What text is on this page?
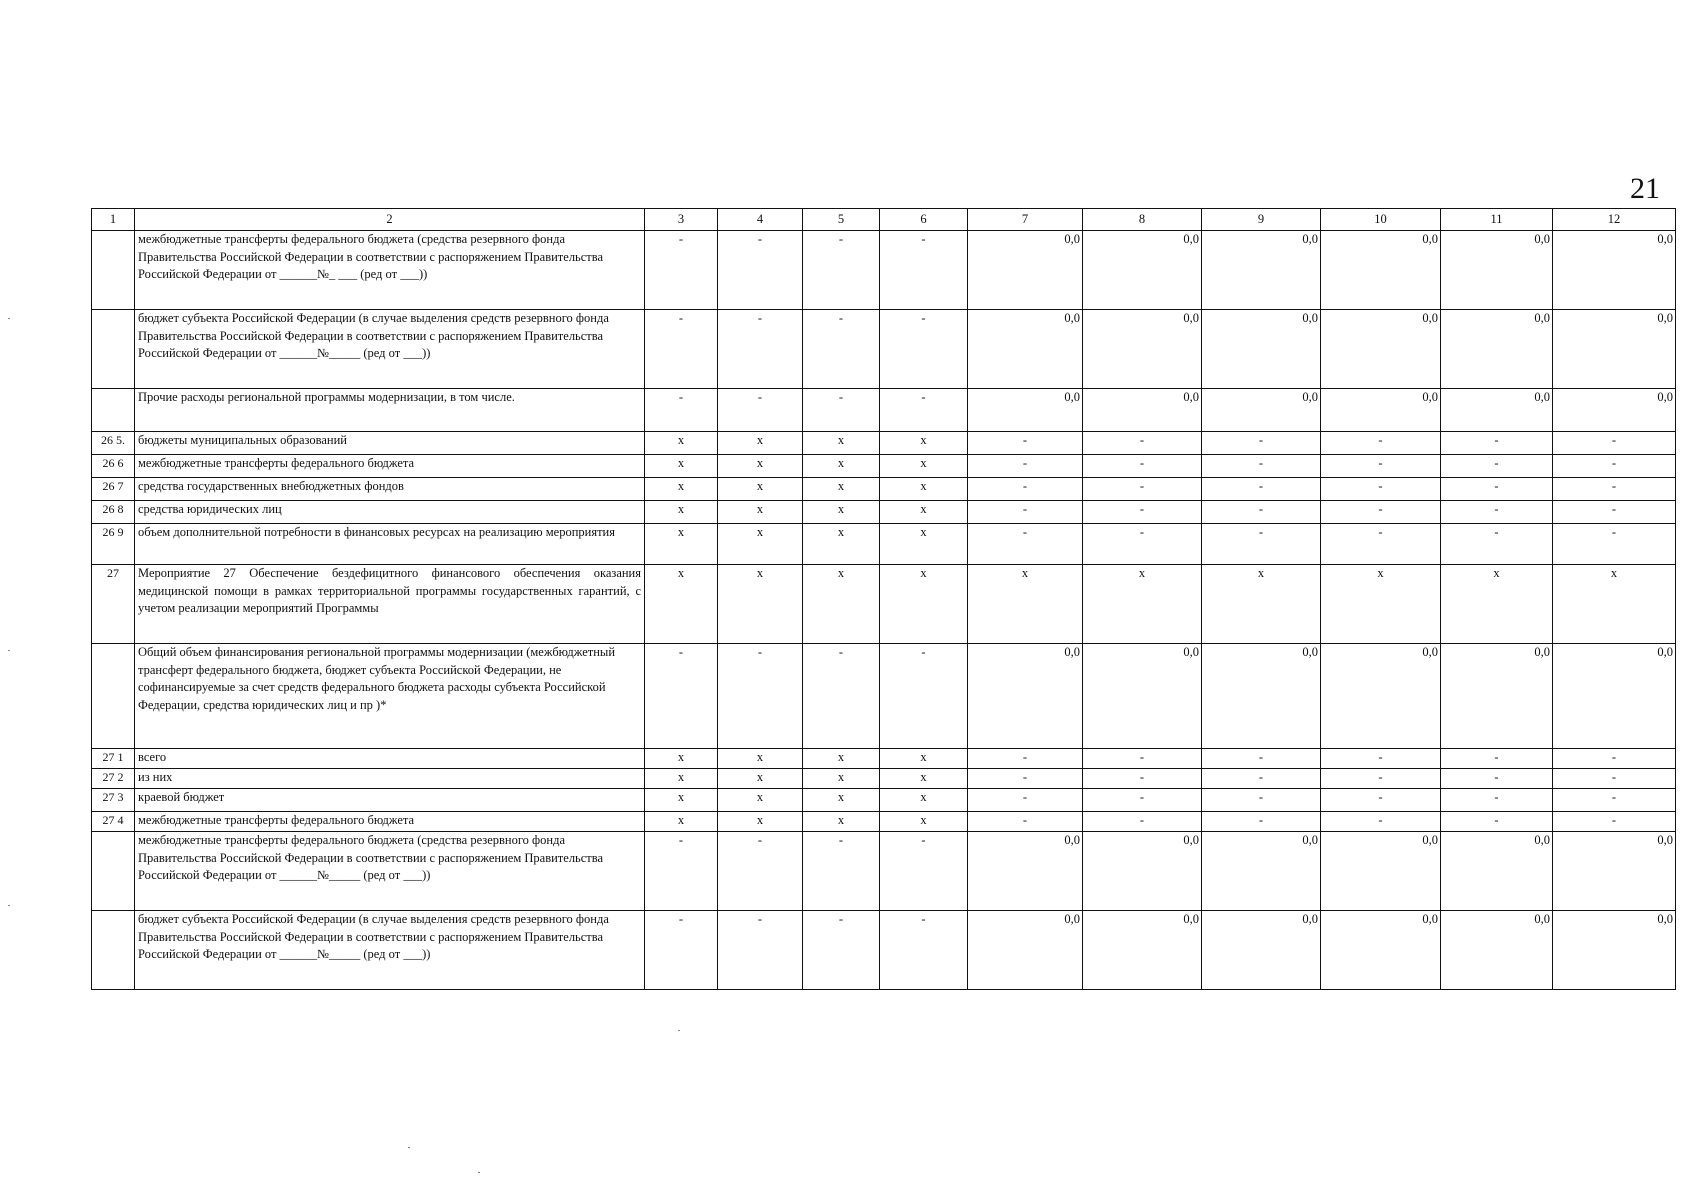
21
1	2	3	4	5	6	7	8	9	10	11	12
	межбюджетные трансферты федерального бюджета (средства резервного фонда Правительства Российской Федерации в соответствии с распоряжением Правительства Российской Федерации от ______№_ ___ (ред от ___))	-	-	-	-	0,0	0,0	0,0	0,0	0,0	0,0
	бюджет субъекта Российской Федерации (в случае выделения средств резервного фонда Правительства Российской Федерации в соответствии с распоряжением Правительства Российской Федерации от ______№_____ (ред от ___))	-	-	-	-	0,0	0,0	0,0	0,0	0,0	0,0
	Прочие расходы региональной программы модернизации, в том числе.	-	-	-	-	0,0	0,0	0,0	0,0	0,0	0,0
26 5.	бюджеты муниципальных образований	x	x	x	x	-	-	-	-	-	-
26 6	межбюджетные трансферты федерального бюджета	x	x	x	x	-	-	-	-	-	-
26 7	средства государственных внебюджетных фондов	x	x	x	x	-	-	-	-	-	-
26 8	средства юридических лиц	x	x	x	x	-	-	-	-	-	-
26 9	объем дополнительной потребности в финансовых ресурсах на реализацию мероприятия	x	x	x	x	-	-	-	-	-	-
27	Мероприятие 27 Обеспечение бездефицитного финансового обеспечения оказания медицинской помощи в рамках территориальной программы государственных гарантий, с учетом реализации мероприятий Программы	x	x	x	x	x	x	x	x	x	x
	Общий объем финансирования региональной программы модернизации (межбюджетный трансферт федерального бюджета, бюджет субъекта Российской Федерации, не софинансируемые за счет средств федерального бюджета расходы субъекта Российской Федерации, средства юридических лиц и пр )*	-	-	-	-	0,0	0,0	0,0	0,0	0,0	0,0
27 1	всего	x	x	x	x	-	-	-	-	-	-
27 2	из них	x	x	x	x	-	-	-	-	-	-
27 3	краевой бюджет	x	x	x	x	-	-	-	-	-	-
27 4	межбюджетные трансферты федерального бюджета	x	x	x	x	-	-	-	-	-	-
	межбюджетные трансферты федерального бюджета (средства резервного фонда Правительства Российской Федерации в соответствии с распоряжением Правительства Российской Федерации от ______№_____ (ред от ___))	-	-	-	-	0,0	0,0	0,0	0,0	0,0	0,0
	бюджет субъекта Российской Федерации (в случае выделения средств резервного фонда Правительства Российской Федерации в соответствии с распоряжением Правительства Российской Федерации от ______№_____ (ред от ___))	-	-	-	-	0,0	0,0	0,0	0,0	0,0	0,0
